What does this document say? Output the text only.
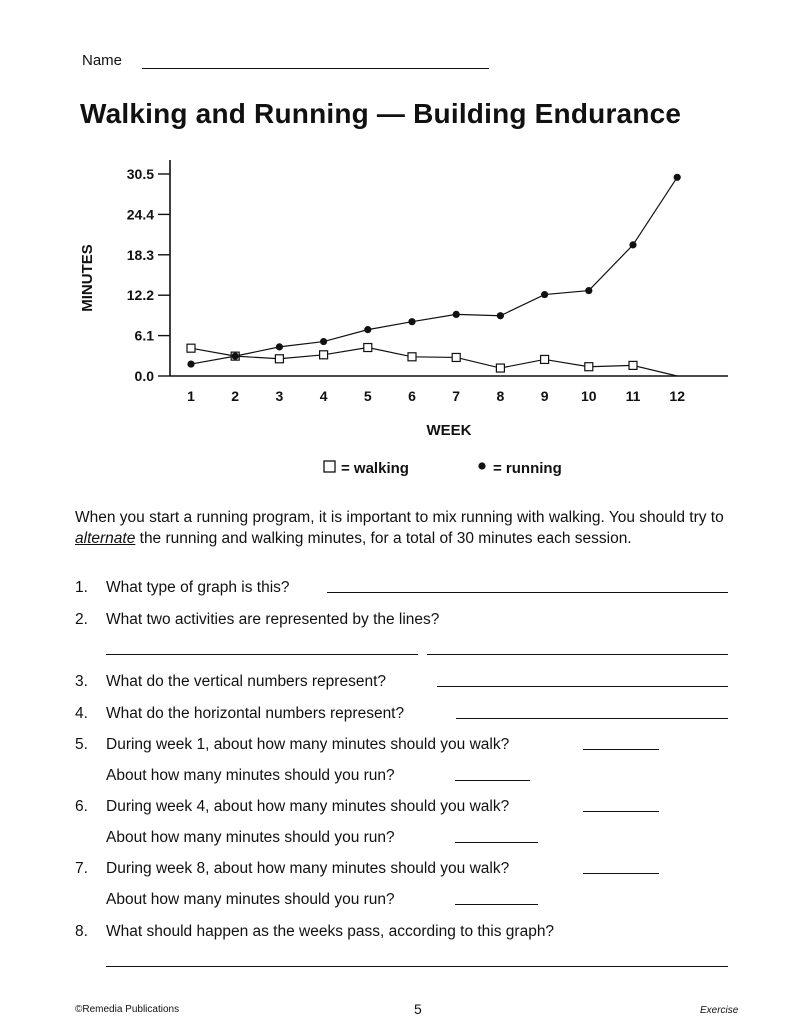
Name
Walking and Running — Building Endurance
0.0
6.1
12.2
18.3
24.4
30.5
1	2	3	4	5	6	7	8	9 10 11 12
WEEK
MINUTES
= walking	= running
When you start a running program, it is important to mix running with walking. You should try to alternate the running and walking minutes, for a total of 30 minutes each session.
1. What type of graph is this?
2. What two activities are represented by the lines?
3. What do the vertical numbers represent?
4. What do the horizontal numbers represent?
5. During week 1, about how many minutes should you walk?
About how many minutes should you run?
6. During week 4, about how many minutes should you walk?
About how many minutes should you run?
7. During week 8, about how many minutes should you walk?
About how many minutes should you run?
8. What should happen as the weeks pass, according to this graph?
©Remedia Publications	5	Exercise
